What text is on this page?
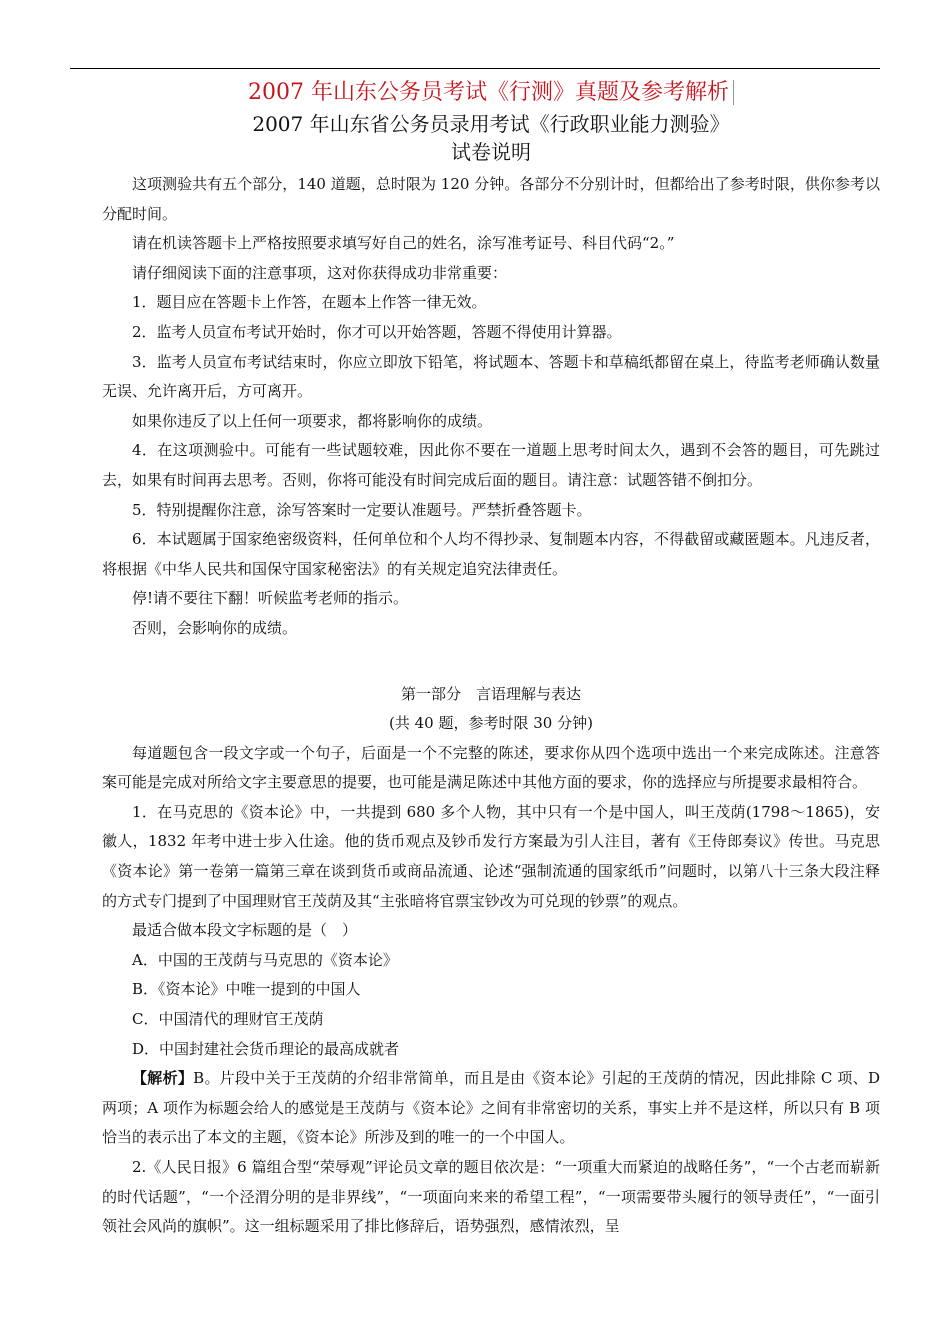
2007 年山东公务员考试《行测》真题及参考解析
2007 年山东省公务员录用考试《行政职业能力测验》
试卷说明

这项测验共有五个部分，140 道题，总时限为 120 分钟。各部分不分别计时，但都给出了参考时限，供你参考以分配时间。

请在机读答题卡上严格按照要求填写好自己的姓名，涂写准考证号、科目代码“2。”

请仔细阅读下面的注意事项，这对你获得成功非常重要：

1．题目应在答题卡上作答，在题本上作答一律无效。

2．监考人员宣布考试开始时，你才可以开始答题，答题不得使用计算器。

3．监考人员宣布考试结束时，你应立即放下铅笔，将试题本、答题卡和草稿纸都留在桌上，待监考老师确认数量无误、允许离开后，方可离开。

如果你违反了以上任何一项要求，都将影响你的成绩。

4．在这项测验中。可能有一些试题较难，因此你不要在一道题上思考时间太久，遇到不会答的题目，可先跳过去，如果有时间再去思考。否则，你将可能没有时间完成后面的题目。请注意：试题答错不倒扣分。

5．特别提醒你注意，涂写答案时一定要认准题号。严禁折叠答题卡。

6．本试题属于国家绝密级资料，任何单位和个人均不得抄录、复制题本内容，不得截留或藏匿题本。凡违反者，将根据《中华人民共和国保守国家秘密法》的有关规定追究法律责任。

停!请不要往下翻！听候监考老师的指示。

否则，会影响你的成绩。

第一部分　言语理解与表达

(共 40 题，参考时限 30 分钟)

每道题包含一段文字或一个句子，后面是一个不完整的陈述，要求你从四个选项中选出一个来完成陈述。注意答案可能是完成对所给文字主要意思的提要，也可能是满足陈述中其他方面的要求，你的选择应与所提要求最相符合。

1．在马克思的《资本论》中，一共提到 680 多个人物，其中只有一个是中国人，叫王茂荫(1798～1865)，安徽人，1832 年考中进士步入仕途。他的货币观点及钞币发行方案最为引人注目，著有《王侍郎奏议》传世。马克思《资本论》第一卷第一篇第三章在谈到货币或商品流通、论述“强制流通的国家纸币”问题时，以第八十三条大段注释的方式专门提到了中国理财官王茂荫及其“主张暗将官票宝钞改为可兑现的钞票”的观点。

最适合做本段文字标题的是（　）

A．中国的王茂荫与马克思的《资本论》

B．《资本论》中唯一提到的中国人

C．中国清代的理财官王茂荫

D．中国封建社会货币理论的最高成就者

【解析】B。片段中关于王茂荫的介绍非常简单，而且是由《资本论》引起的王茂荫的情况，因此排除 C 项、D 两项；A 项作为标题会给人的感觉是王茂荫与《资本论》之间有非常密切的关系，事实上并不是这样，所以只有 B 项恰当的表示出了本文的主题，《资本论》所涉及到的唯一的一个中国人。

2.《人民日报》6 篇组合型“荣辱观”评论员文章的题目依次是：“一项重大而紧迫的战略任务”，“一个古老而崭新的时代话题”，“一个泾渭分明的是非界线”，“一项面向来来的希望工程”，“一项需要带头履行的领导责任”，“一面引领社会风尚的旗帜”。这一组标题采用了排比修辞后，语势强烈，感情浓烈，呈
